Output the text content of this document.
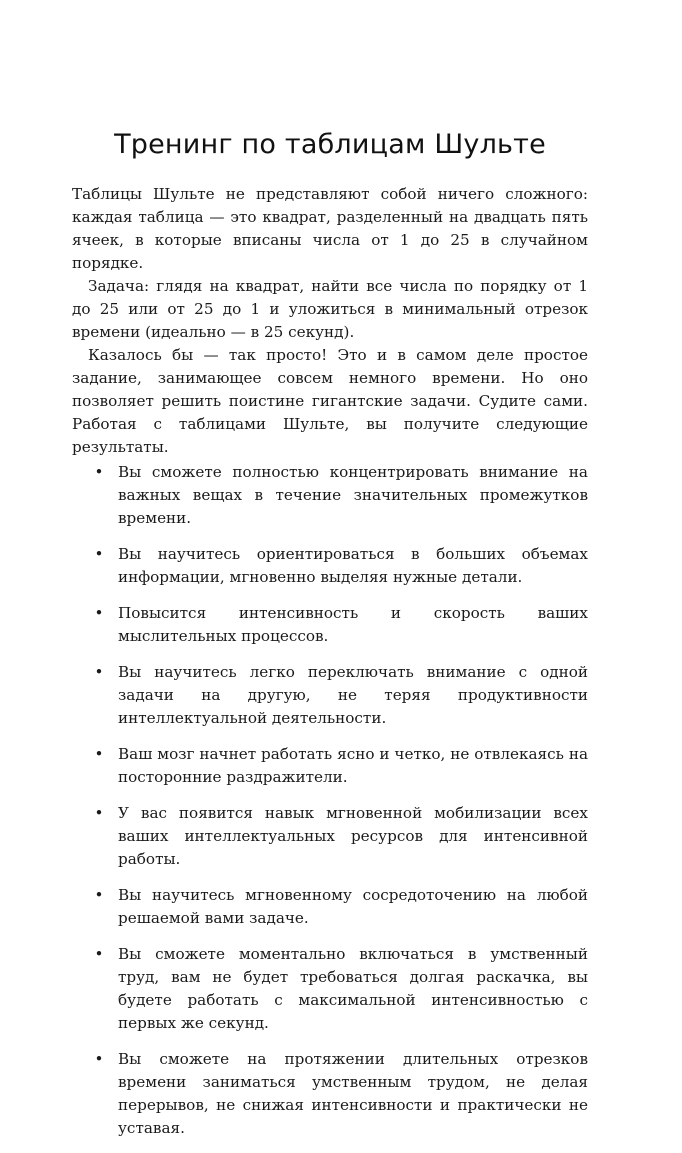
Тренинг по таблицам Шульте

Таблицы Шульте не представляют собой ничего сложного: каждая таблица — это квадрат, разделенный на двадцать пять ячеек, в которые вписаны числа от 1 до 25 в случайном порядке.

Задача: глядя на квадрат, найти все числа по порядку от 1 до 25 или от 25 до 1 и уложиться в минимальный отрезок времени (идеально — в 25 секунд).

Казалось бы — так просто! Это и в самом деле простое задание, занимающее совсем немного времени. Но оно позволяет решить поистине гигантские задачи. Судите сами. Работая с таблицами Шульте, вы получите следующие результаты.

• Вы сможете полностью концентрировать внимание на важных вещах в течение значительных промежутков времени.
• Вы научитесь ориентироваться в больших объемах информации, мгновенно выделяя нужные детали.
• Повысится интенсивность и скорость ваших мыслительных процессов.
• Вы научитесь легко переключать внимание с одной задачи на другую, не теряя продуктивности интеллектуальной деятельности.
• Ваш мозг начнет работать ясно и четко, не отвлекаясь на посторонние раздражители.
• У вас появится навык мгновенной мобилизации всех ваших интеллектуальных ресурсов для интенсивной работы.
• Вы научитесь мгновенному сосредоточению на любой решаемой вами задаче.
• Вы сможете моментально включаться в умственный труд, вам не будет требоваться долгая раскачка, вы будете работать с максимальной интенсивностью с первых же секунд.
• Вы сможете на протяжении длительных отрезков времени заниматься умственным трудом, не делая перерывов, не снижая интенсивности и практически не уставая.
